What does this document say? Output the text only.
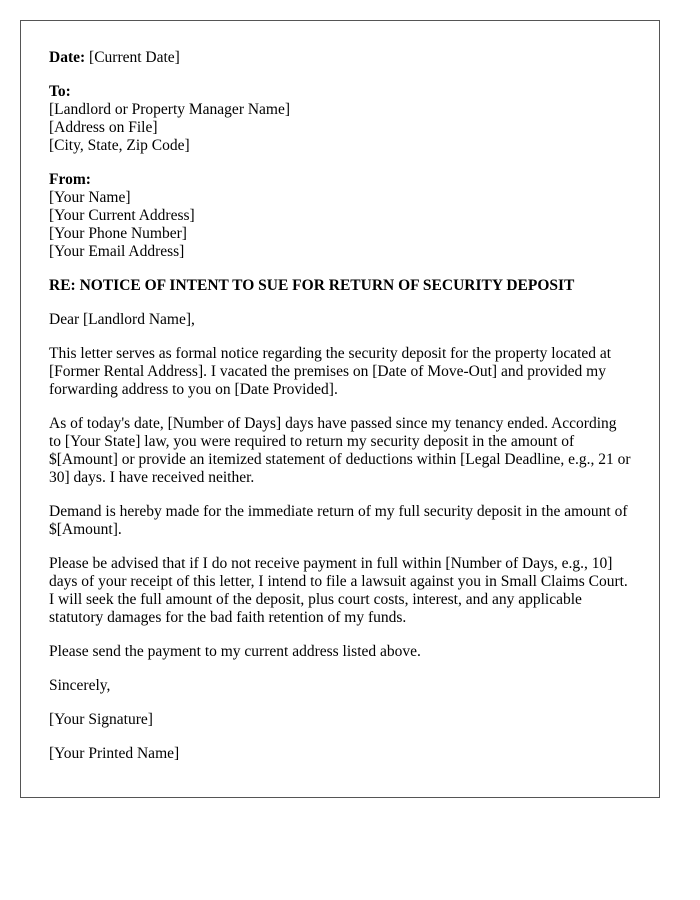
Date: [Current Date]
To:
[Landlord or Property Manager Name]
[Address on File]
[City, State, Zip Code]
From:
[Your Name]
[Your Current Address]
[Your Phone Number]
[Your Email Address]

RE: NOTICE OF INTENT TO SUE FOR RETURN OF SECURITY DEPOSIT

Dear [Landlord Name],

This letter serves as formal notice regarding the security deposit for the property located at [Former Rental Address]. I vacated the premises on [Date of Move-Out] and provided my forwarding address to you on [Date Provided].

As of today's date, [Number of Days] days have passed since my tenancy ended. According to [Your State] law, you were required to return my security deposit in the amount of $[Amount] or provide an itemized statement of deductions within [Legal Deadline, e.g., 21 or 30] days. I have received neither.

Demand is hereby made for the immediate return of my full security deposit in the amount of $[Amount].

Please be advised that if I do not receive payment in full within [Number of Days, e.g., 10] days of your receipt of this letter, I intend to file a lawsuit against you in Small Claims Court. I will seek the full amount of the deposit, plus court costs, interest, and any applicable statutory damages for the bad faith retention of my funds.

Please send the payment to my current address listed above.

Sincerely,

[Your Signature]

[Your Printed Name]
